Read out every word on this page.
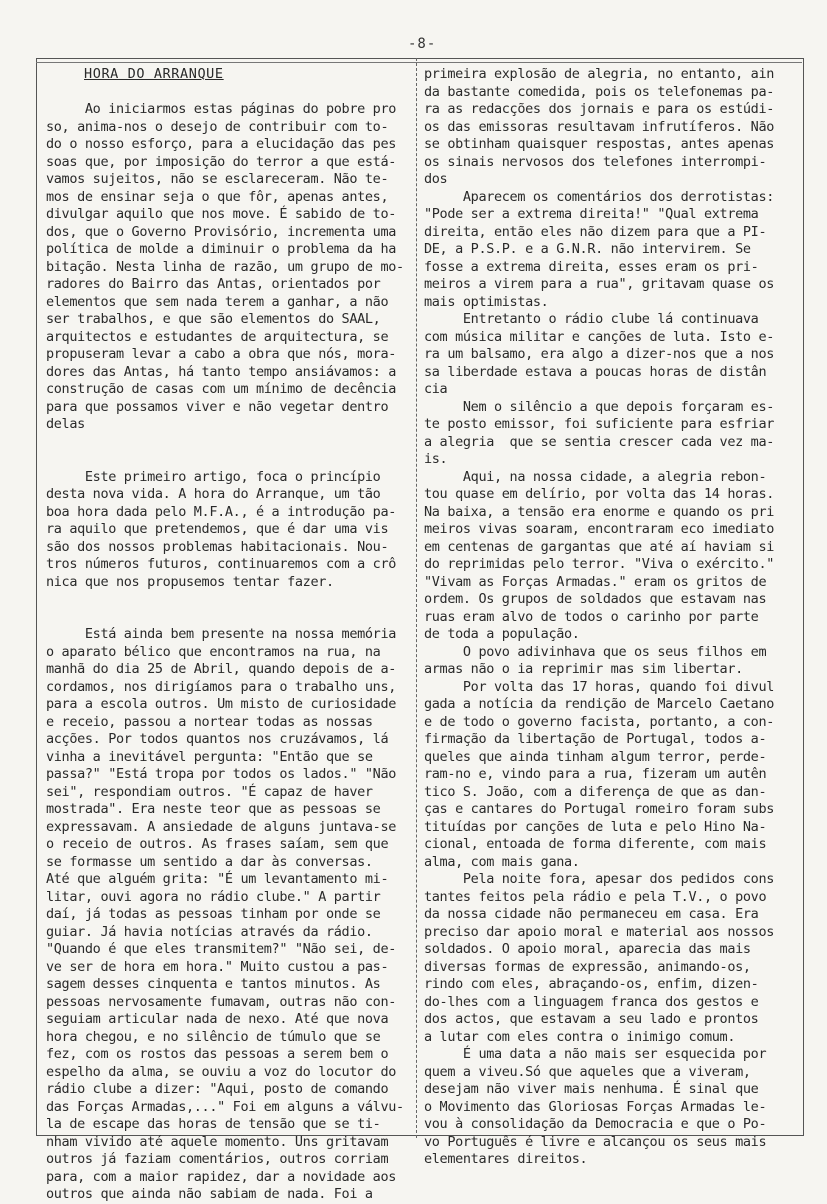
-8-
HORA DO ARRANQUE

Ao iniciarmos estas páginas do pobre pro
so, anima-nos o desejo de contribuir com to-
do o nosso esforço, para a elucidação das pes
soas que, por imposição do terror a que está-
vamos sujeitos, não se esclareceram. Não te-
mos de ensinar seja o que fôr, apenas antes,
divulgar aquilo que nos move. É sabido de to-
dos, que o Governo Provisório, incrementa uma
política de molde a diminuir o problema da ha
bitação. Nesta linha de razão, um grupo de mo-
radores do Bairro das Antas, orientados por
elementos que sem nada terem a ganhar, a não
ser trabalhos, e que são elementos do SAAL,
arquitectos e estudantes de arquitectura, se
propuseram levar a cabo a obra que nós, mora-
dores das Antas, há tanto tempo ansiávamos: a
construção de casas com um mínimo de decência
para que possamos viver e não vegetar dentro
delas

Este primeiro artigo, foca o princípio
desta nova vida. A hora do Arranque, um tão
boa hora dada pelo M.F.A., é a introdução pa-
ra aquilo que pretendemos, que é dar uma vis
são dos nossos problemas habitacionais. Nou-
tros números futuros, continuaremos com a crô
nica que nos propusemos tentar fazer.

Está ainda bem presente na nossa memória
o aparato bélico que encontramos na rua, na
manhã do dia 25 de Abril, quando depois de a-
cordamos, nos dirigíamos para o trabalho uns,
para a escola outros. Um misto de curiosidade
e receio, passou a nortear todas as nossas
acções. Por todos quantos nos cruzávamos, lá
vinha a inevitável pergunta: "Então que se
passa?" "Está tropa por todos os lados." "Não
sei", respondiam outros. "É capaz de haver
mostrada". Era neste teor que as pessoas se
expressavam. A ansiedade de alguns juntava-se
o receio de outros. As frases saíam, sem que
se formasse um sentido a dar às conversas.
Até que alguém grita: "É um levantamento mi-
litar, ouvi agora no rádio clube." A partir
daí, já todas as pessoas tinham por onde se
guiar. Já havia notícias através da rádio.
"Quando é que eles transmitem?" "Não sei, de-
ve ser de hora em hora." Muito custou a pas-
sagem desses cinquenta e tantos minutos. As
pessoas nervosamente fumavam, outras não con-
seguiam articular nada de nexo. Até que nova
hora chegou, e no silêncio de túmulo que se
fez, com os rostos das pessoas a serem bem o
espelho da alma, se ouviu a voz do locutor do
rádio clube a dizer: "Aqui, posto de comando
das Forças Armadas,..." Foi em alguns a válvu-
la de escape das horas de tensão que se ti-
nham vivido até aquele momento. Uns gritavam
outros já faziam comentários, outros corriam
para, com a maior rapidez, dar a novidade aos
outros que ainda não sabiam de nada. Foi a
primeira explosão de alegria, no entanto, ain
da bastante comedida, pois os telefonemas pa-
ra as redacções dos jornais e para os estúdi-
os das emissoras resultavam infrutíferos. Não
se obtinham quaisquer respostas, antes apenas
os sinais nervosos dos telefones interrompi-
dos
Aparecem os comentários dos derrotistas:
"Pode ser a extrema direita!" "Qual extrema
direita, então eles não dizem para que a PI-
DE, a P.S.P. e a G.N.R. não intervirem. Se
fosse a extrema direita, esses eram os pri-
meiros a virem para a rua", gritavam quase os
mais optimistas.
Entretanto o rádio clube lá continuava
com música militar e canções de luta. Isto e-
ra um balsamo, era algo a dizer-nos que a nos
sa liberdade estava a poucas horas de distân
cia
Nem o silêncio a que depois forçaram es-
te posto emissor, foi suficiente para esfriar
a alegria  que se sentia crescer cada vez ma-
is.
Aqui, na nossa cidade, a alegria rebon-
tou quase em delírio, por volta das 14 horas.
Na baixa, a tensão era enorme e quando os pri
meiros vivas soaram, encontraram eco imediato
em centenas de gargantas que até aí haviam si
do reprimidas pelo terror. "Viva o exército."
"Vivam as Forças Armadas." eram os gritos de
ordem. Os grupos de soldados que estavam nas
ruas eram alvo de todos o carinho por parte
de toda a população.
O povo adivinhava que os seus filhos em
armas não o ia reprimir mas sim libertar.
Por volta das 17 horas, quando foi divul
gada a notícia da rendição de Marcelo Caetano
e de todo o governo facista, portanto, a con-
firmação da libertação de Portugal, todos a-
queles que ainda tinham algum terror, perde-
ram-no e, vindo para a rua, fizeram um autên
tico S. João, com a diferença de que as dan-
ças e cantares do Portugal romeiro foram subs
tituídas por canções de luta e pelo Hino Na-
cional, entoada de forma diferente, com mais
alma, com mais gana.
Pela noite fora, apesar dos pedidos cons
tantes feitos pela rádio e pela T.V., o povo
da nossa cidade não permaneceu em casa. Era
preciso dar apoio moral e material aos nossos
soldados. O apoio moral, aparecia das mais
diversas formas de expressão, animando-os,
rindo com eles, abraçando-os, enfim, dizen-
do-lhes com a linguagem franca dos gestos e
dos actos, que estavam a seu lado e prontos
a lutar com eles contra o inimigo comum.
É uma data a não mais ser esquecida por
quem a viveu.Só que aqueles que a viveram,
desejam não viver mais nenhuma. É sinal que
o Movimento das Gloriosas Forças Armadas le-
vou à consolidação da Democracia e que o Po-
vo Português é livre e alcançou os seus mais
elementares direitos.
